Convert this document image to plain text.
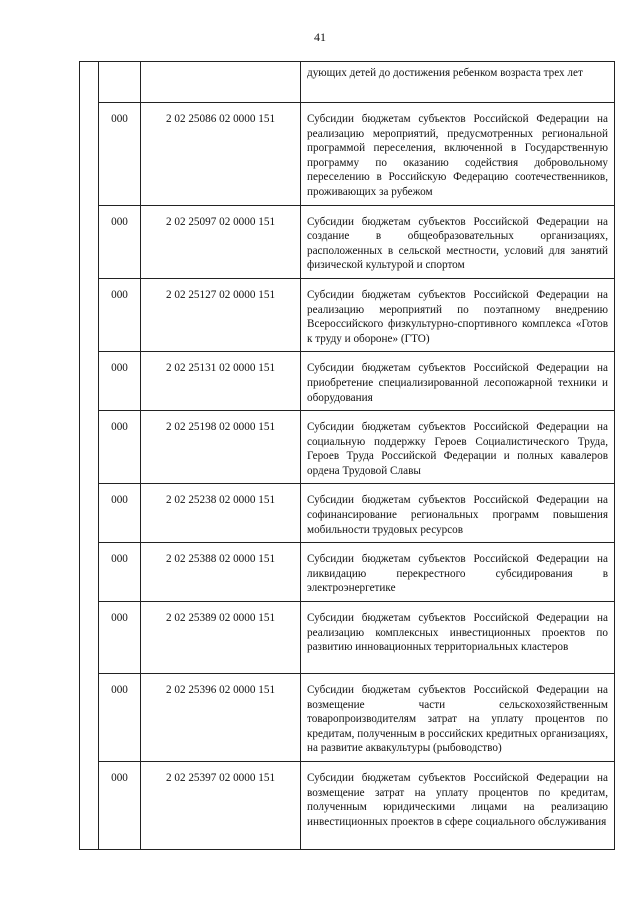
41
			дующих детей до достижения ребенком возраста трех лет
	000	2 02 25086 02 0000 151	Субсидии бюджетам субъектов Российской Федерации на реализацию мероприятий, предусмотренных региональной программой переселения, включенной в Государственную программу по оказанию содействия добровольному переселению в Российскую Федерацию соотечественников, проживающих за рубежом
	000	2 02 25097 02 0000 151	Субсидии бюджетам субъектов Российской Федерации на создание в общеобразовательных организациях, расположенных в сельской местности, условий для занятий физической культурой и спортом
	000	2 02 25127 02 0000 151	Субсидии бюджетам субъектов Российской Федерации на реализацию мероприятий по поэтапному внедрению Всероссийского физкультурно-спортивного комплекса «Готов к труду и обороне» (ГТО)
	000	2 02 25131 02 0000 151	Субсидии бюджетам субъектов Российской Федерации на приобретение специализированной лесопожарной техники и оборудования
	000	2 02 25198 02 0000 151	Субсидии бюджетам субъектов Российской Федерации на социальную поддержку Героев Социалистического Труда, Героев Труда Российской Федерации и полных кавалеров ордена Трудовой Славы
	000	2 02 25238 02 0000 151	Субсидии бюджетам субъектов Российской Федерации на софинансирование региональных программ повышения мобильности трудовых ресурсов
	000	2 02 25388 02 0000 151	Субсидии бюджетам субъектов Российской Федерации на ликвидацию перекрестного субсидирования в электроэнергетике
	000	2 02 25389 02 0000 151	Субсидии бюджетам субъектов Российской Федерации на реализацию комплексных инвестиционных проектов по развитию инновационных территориальных кластеров
	000	2 02 25396 02 0000 151	Субсидии бюджетам субъектов Российской Федерации на возмещение части сельскохозяйственным товаропроизводителям затрат на уплату процентов по кредитам, полученным в российских кредитных организациях, на развитие аквакультуры (рыбоводство)
	000	2 02 25397 02 0000 151	Субсидии бюджетам субъектов Российской Федерации на возмещение затрат на уплату процентов по кредитам, полученным юридическими лицами на реализацию инвестиционных проектов в сфере социального обслуживания
